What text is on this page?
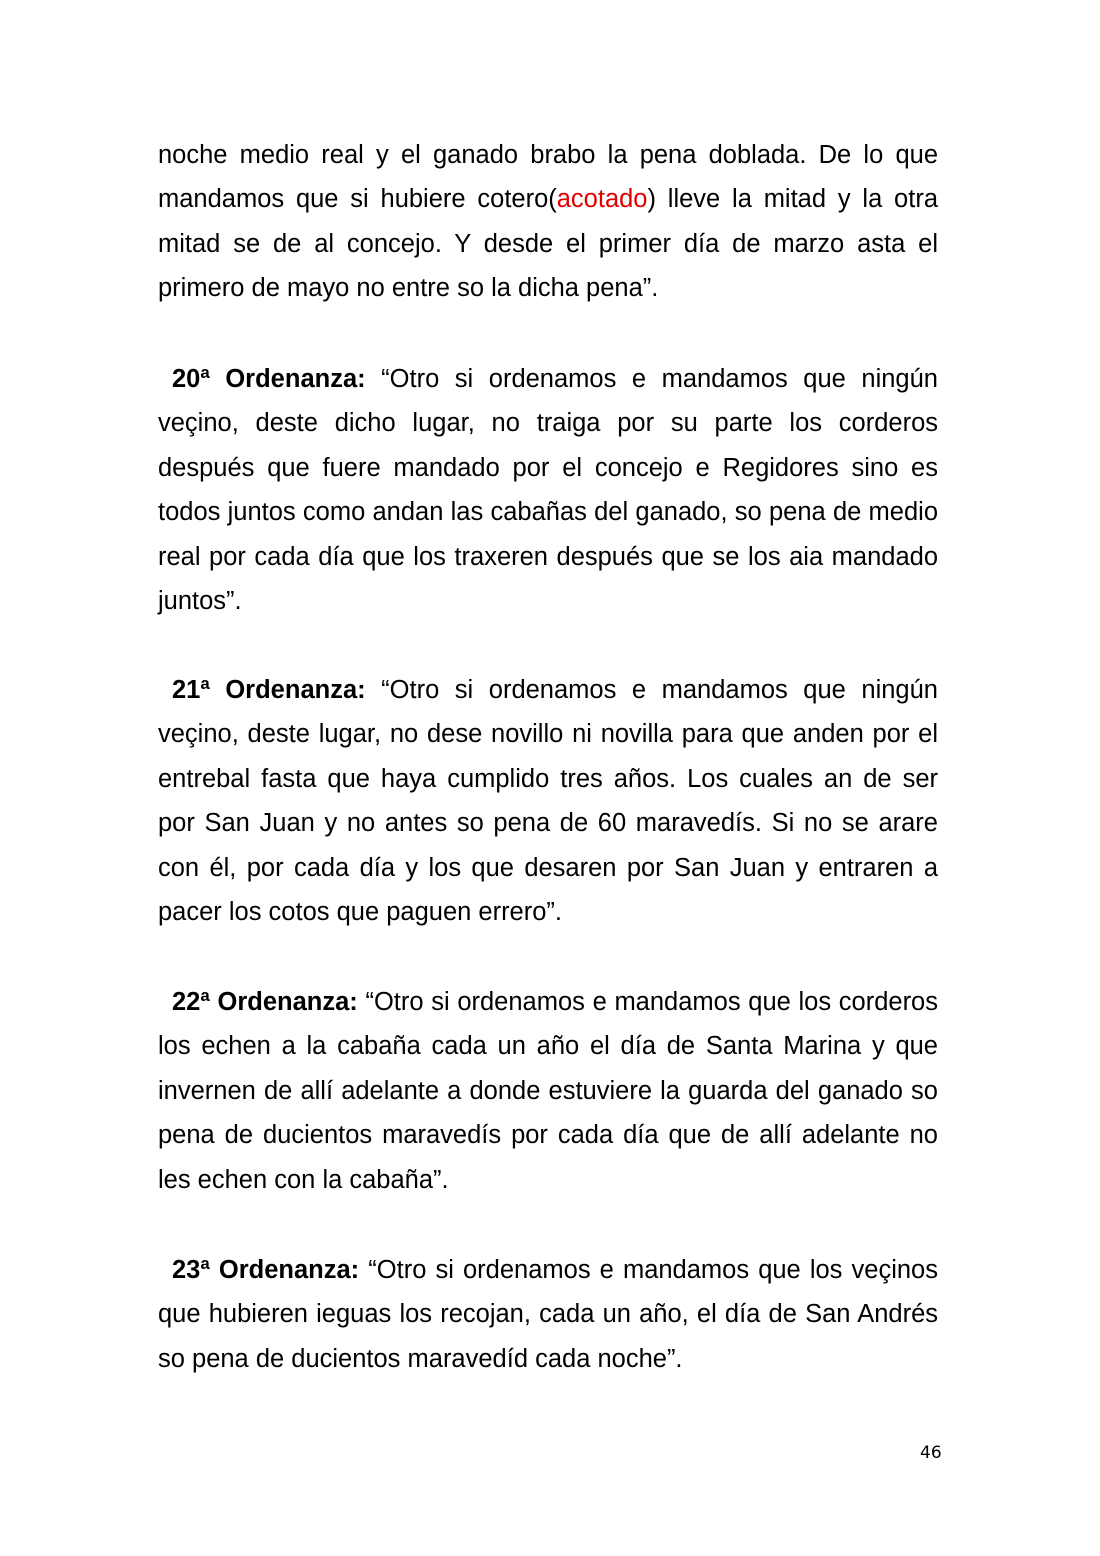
noche medio real y el ganado brabo la pena doblada. De lo que mandamos que si hubiere cotero(acotado) lleve la mitad y la otra mitad se de al concejo. Y desde el primer día de marzo asta el primero de mayo no entre so la dicha pena”.

20ª Ordenanza: “Otro si ordenamos e mandamos que ningún veçino, deste dicho lugar, no traiga por su parte los corderos después que fuere mandado por el concejo e Regidores sino es todos juntos como andan las cabañas del ganado, so pena de medio real por cada día que los traxeren después que se los aia mandado juntos”.

21ª Ordenanza: “Otro si ordenamos e mandamos que ningún veçino, deste lugar, no dese novillo ni novilla para que anden por el entrebal fasta que haya cumplido tres años. Los cuales an de ser por San Juan y no antes so pena de 60 maravedís. Si no se arare con él, por cada día y los que desaren por San Juan y entraren a pacer los cotos que paguen errero”.

22ª Ordenanza: “Otro si ordenamos e mandamos que los corderos los echen a la cabaña cada un año el día de Santa Marina y que invernen de allí adelante a donde estuviere la guarda del ganado so pena de ducientos maravedís por cada día que de allí adelante no les echen con la cabaña”.

23ª Ordenanza: “Otro si ordenamos e mandamos que los veçinos que hubieren ieguas los recojan, cada un año, el día de San Andrés so pena de ducientos maravedíd cada noche”.

46
